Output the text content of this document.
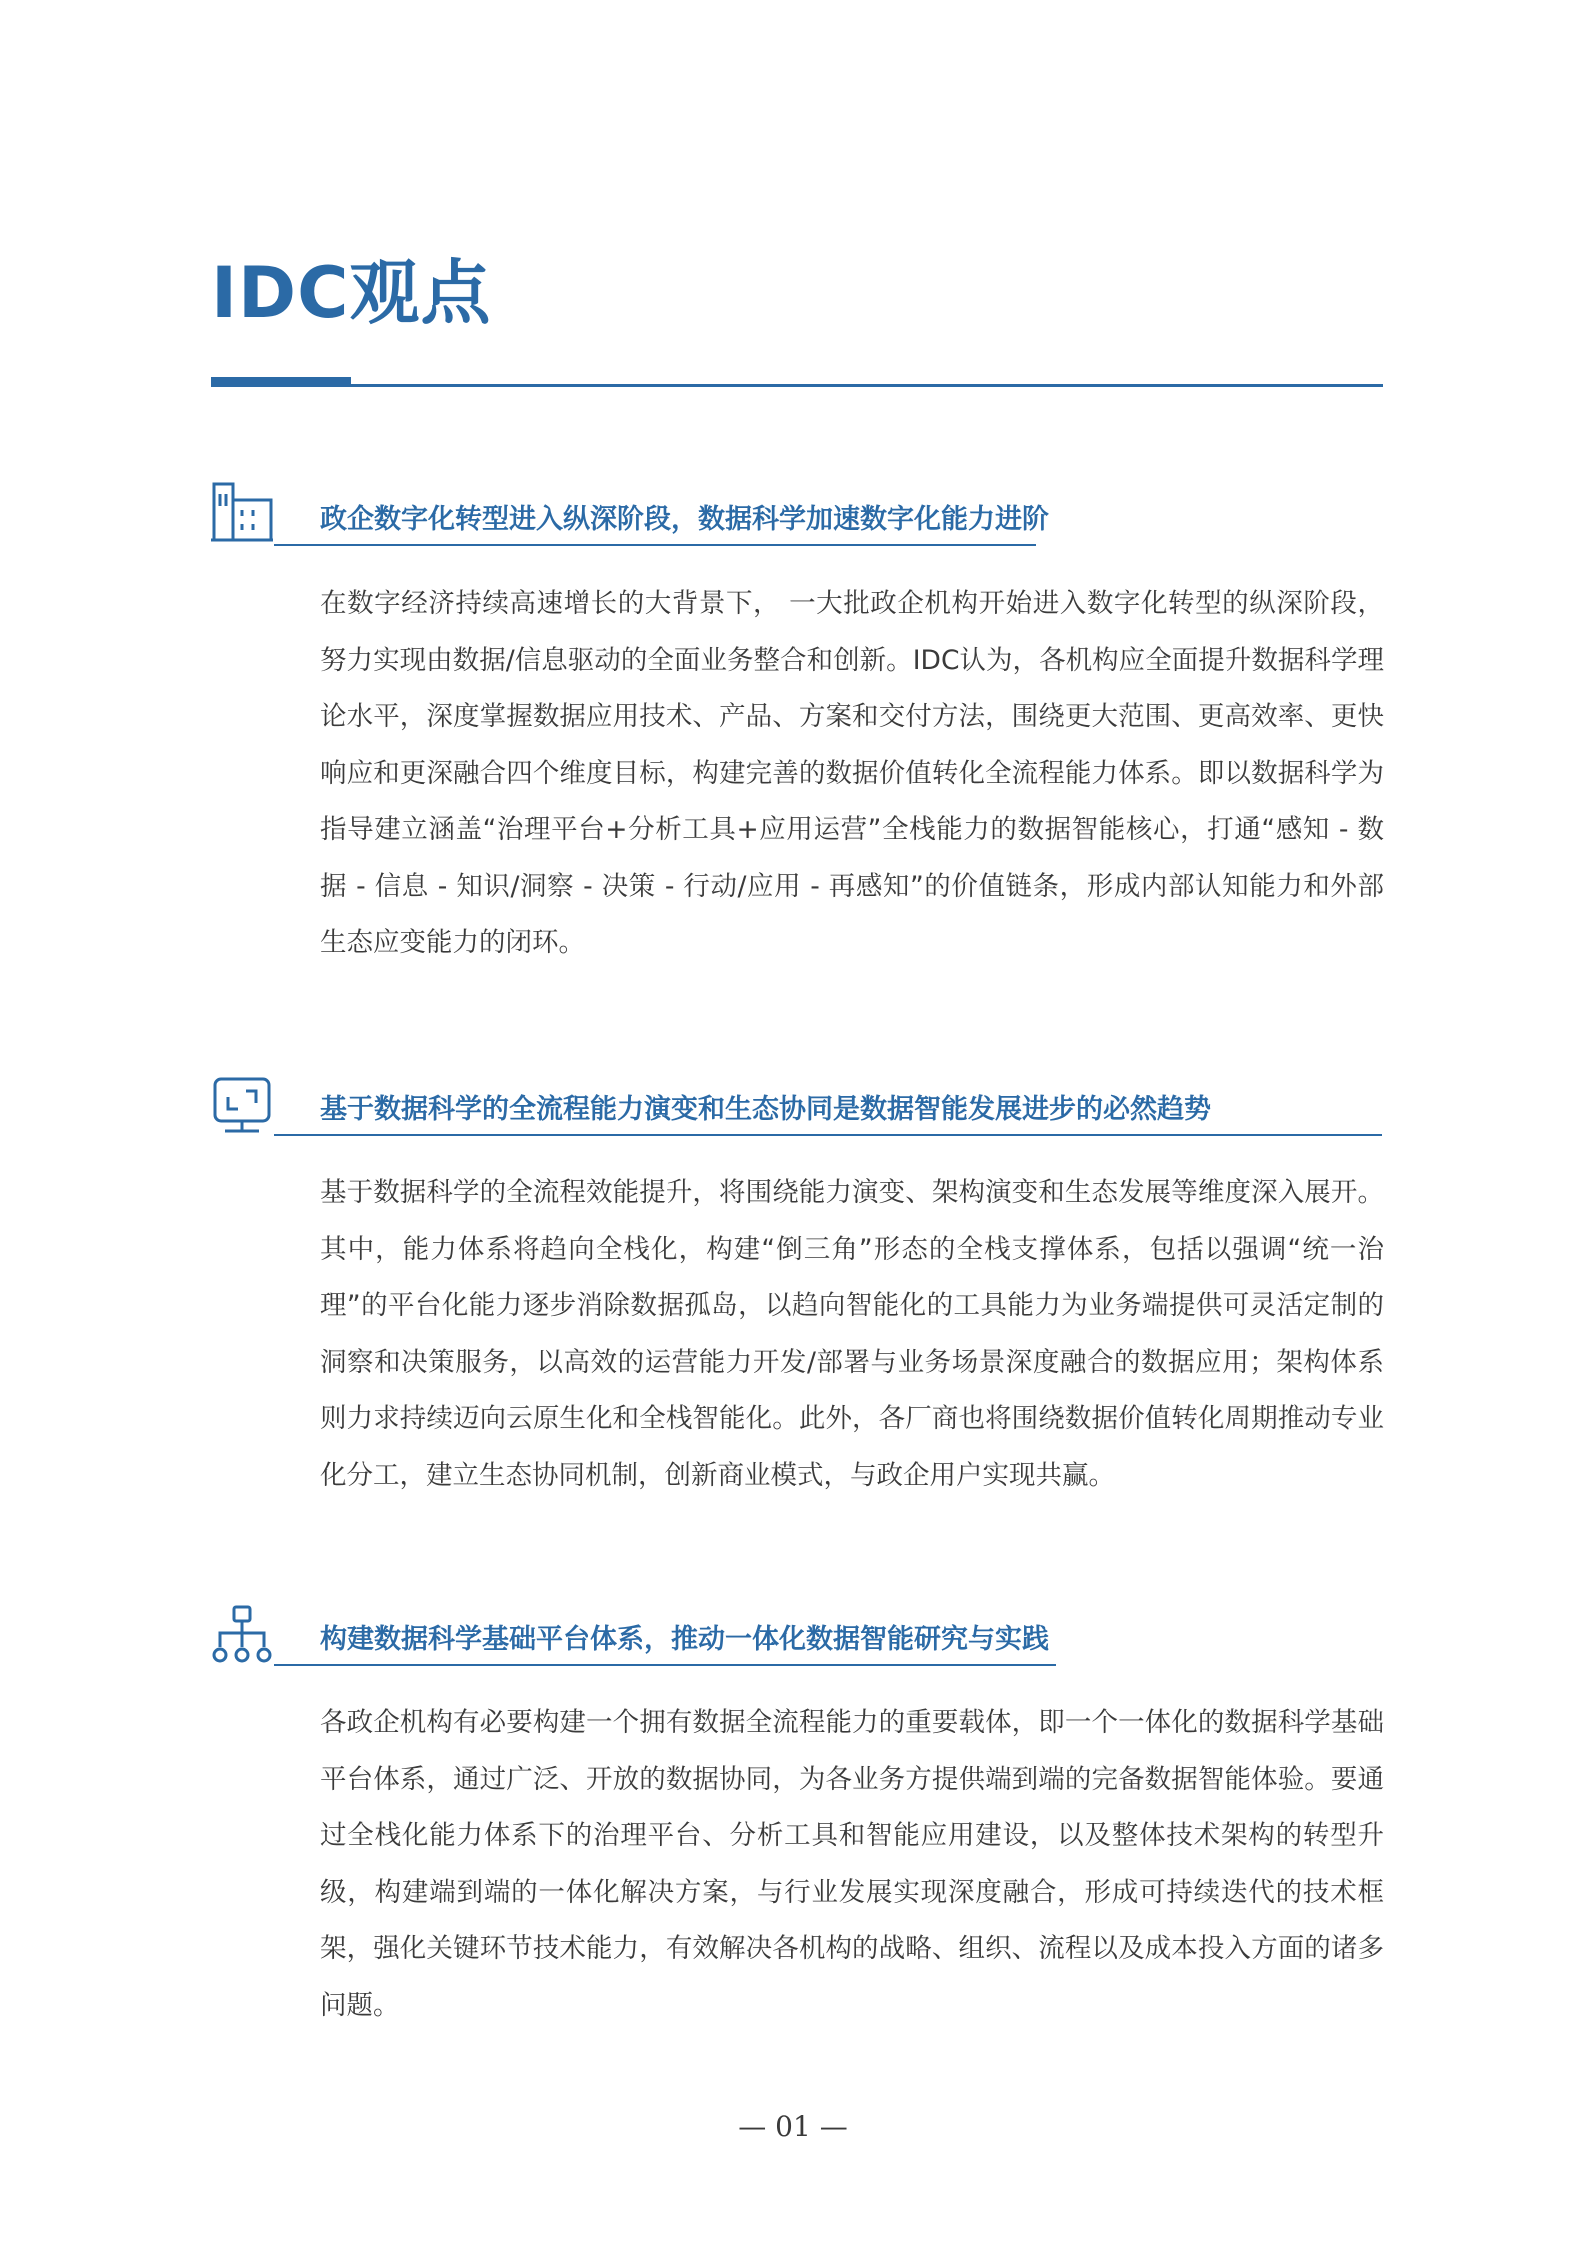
IDC观点
政企数字化转型进入纵深阶段，数据科学加速数字化能力进阶

在数字经济持续高速增长的大背景下， 一大批政企机构开始进入数字化转型的纵深阶段，努力实现由数据/信息驱动的全面业务整合和创新。IDC认为，各机构应全面提升数据科学理论水平，深度掌握数据应用技术、产品、方案和交付方法，围绕更大范围、更高效率、更快响应和更深融合四个维度目标，构建完善的数据价值转化全流程能力体系。即以数据科学为指导建立涵盖“治理平台+分析工具+应用运营”全栈能力的数据智能核心，打通“感知 - 数据 - 信息 - 知识/洞察 - 决策 - 行动/应用 - 再感知”的价值链条，形成内部认知能力和外部生态应变能力的闭环。

基于数据科学的全流程能力演变和生态协同是数据智能发展进步的必然趋势

基于数据科学的全流程效能提升，将围绕能力演变、架构演变和生态发展等维度深入展开。其中，能力体系将趋向全栈化，构建“倒三角”形态的全栈支撑体系，包括以强调“统一治理”的平台化能力逐步消除数据孤岛，以趋向智能化的工具能力为业务端提供可灵活定制的洞察和决策服务，以高效的运营能力开发/部署与业务场景深度融合的数据应用；架构体系则力求持续迈向云原生化和全栈智能化。此外，各厂商也将围绕数据价值转化周期推动专业化分工，建立生态协同机制，创新商业模式，与政企用户实现共赢。

构建数据科学基础平台体系，推动一体化数据智能研究与实践

各政企机构有必要构建一个拥有数据全流程能力的重要载体，即一个一体化的数据科学基础平台体系，通过广泛、开放的数据协同，为各业务方提供端到端的完备数据智能体验。要通过全栈化能力体系下的治理平台、分析工具和智能应用建设，以及整体技术架构的转型升级，构建端到端的一体化解决方案，与行业发展实现深度融合，形成可持续迭代的技术框架，强化关键环节技术能力，有效解决各机构的战略、组织、流程以及成本投入方面的诸多问题。

— 01 —
